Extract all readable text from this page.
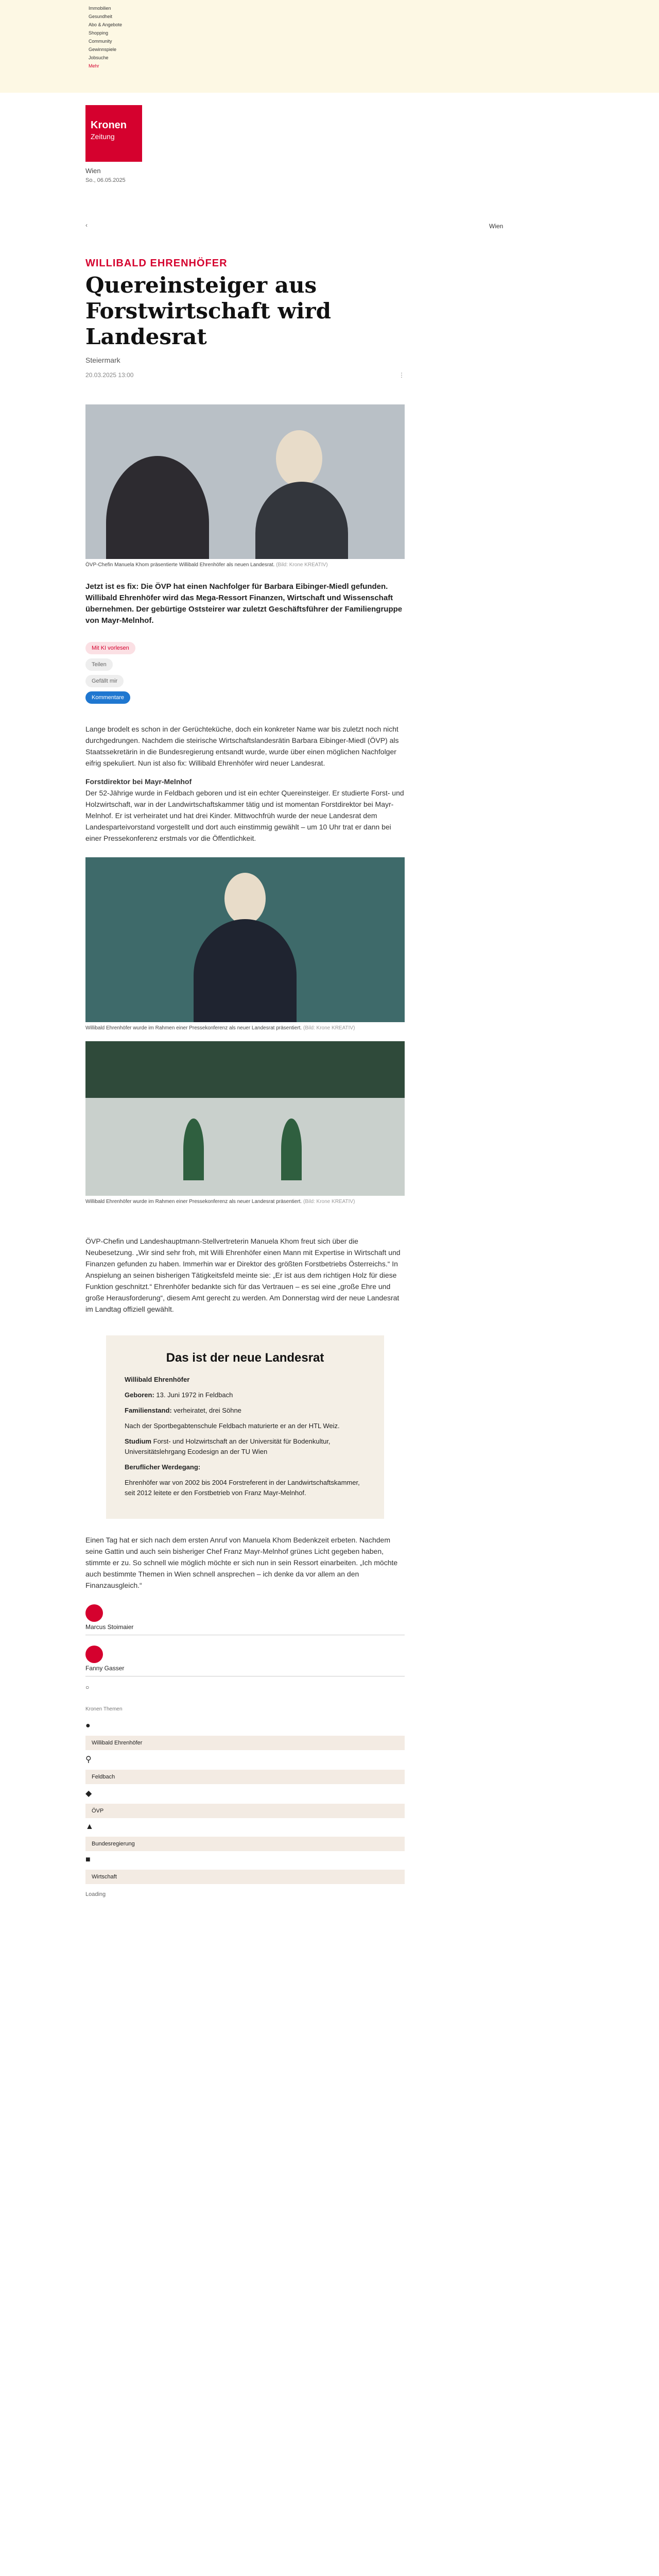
Immobilien
Gesundheit
Abo & Angebote
Shopping
Community
Gewinnspiele
Jobsuche
Mehr
Kronen
Zeitung
Wien
So., 06.05.2025
‹	Wien
WILLIBALD EHRENHÖFER
Quereinsteiger aus Forstwirtschaft wird Landesrat
Steiermark
20.03.2025 13:00	⋮
ÖVP-Chefin Manuela Khom präsentierte Willibald Ehrenhöfer als neuen Landesrat. (Bild: Krone KREATIV)

Jetzt ist es fix: Die ÖVP hat einen Nachfolger für Barbara Eibinger-Miedl gefunden. Willibald Ehrenhöfer wird das Mega-Ressort Finanzen, Wirtschaft und Wissenschaft übernehmen. Der gebürtige Oststeirer war zuletzt Geschäftsführer der Familiengruppe von Mayr-Melnhof.

Mit KI vorlesen
Teilen
Gefällt mir
Kommentare

Lange brodelt es schon in der Gerüchteküche, doch ein konkreter Name war bis zuletzt noch nicht durchgedrungen. Nachdem die steirische Wirtschaftslandesrätin Barbara Eibinger-Miedl (ÖVP) als Staatssekretärin in die Bundesregierung entsandt wurde, wurde über einen möglichen Nachfolger eifrig spekuliert. Nun ist also fix: Willibald Ehrenhöfer wird neuer Landesrat.

Forstdirektor bei Mayr-Melnhof

Der 52-Jährige wurde in Feldbach geboren und ist ein echter Quereinsteiger. Er studierte Forst- und Holzwirtschaft, war in der Landwirtschaftskammer tätig und ist momentan Forstdirektor bei Mayr-Melnhof. Er ist verheiratet und hat drei Kinder. Mittwochfrüh wurde der neue Landesrat dem Landesparteivorstand vorgestellt und dort auch einstimmig gewählt – um 10 Uhr trat er dann bei einer Pressekonferenz erstmals vor die Öffentlichkeit.

Willibald Ehrenhöfer wurde im Rahmen einer Pressekonferenz als neuer Landesrat präsentiert. (Bild: Krone KREATIV)
Willibald Ehrenhöfer wurde im Rahmen einer Pressekonferenz als neuer Landesrat präsentiert. (Bild: Krone KREATIV)

ÖVP-Chefin und Landeshauptmann-Stellvertreterin Manuela Khom freut sich über die Neubesetzung. „Wir sind sehr froh, mit Willi Ehrenhöfer einen Mann mit Expertise in Wirtschaft und Finanzen gefunden zu haben. Immerhin war er Direktor des größten Forstbetriebs Österreichs.“ In Anspielung an seinen bisherigen Tätigkeitsfeld meinte sie: „Er ist aus dem richtigen Holz für diese Funktion geschnitzt.“ Ehrenhöfer bedankte sich für das Vertrauen – es sei eine „große Ehre und große Herausforderung“, diesem Amt gerecht zu werden. Am Donnerstag wird der neue Landesrat im Landtag offiziell gewählt.

Das ist der neue Landesrat

Willibald Ehrenhöfer

Geboren: 13. Juni 1972 in Feldbach

Familienstand: verheiratet, drei Söhne

Nach der Sportbegabtenschule Feldbach maturierte er an der HTL Weiz.

Studium Forst- und Holzwirtschaft an der Universität für Bodenkultur, Universitätslehrgang Ecodesign an der TU Wien

Beruflicher Werdegang:

Ehrenhöfer war von 2002 bis 2004 Forstreferent in der Landwirtschaftskammer, seit 2012 leitete er den Forstbetrieb von Franz Mayr-Melnhof.

Einen Tag hat er sich nach dem ersten Anruf von Manuela Khom Bedenkzeit erbeten. Nachdem seine Gattin und auch sein bisheriger Chef Franz Mayr-Melnhof grünes Licht gegeben haben, stimmte er zu. So schnell wie möglich möchte er sich nun in sein Ressort einarbeiten. „Ich möchte auch bestimmte Themen in Wien schnell ansprechen – ich denke da vor allem an den Finanzausgleich.“

Marcus Stoimaier

Fanny Gasser
○
Kronen Themen
●
Willibald Ehrenhöfer
⚲
Feldbach
◆
ÖVP
▲
Bundesregierung
■
Wirtschaft
Loading
